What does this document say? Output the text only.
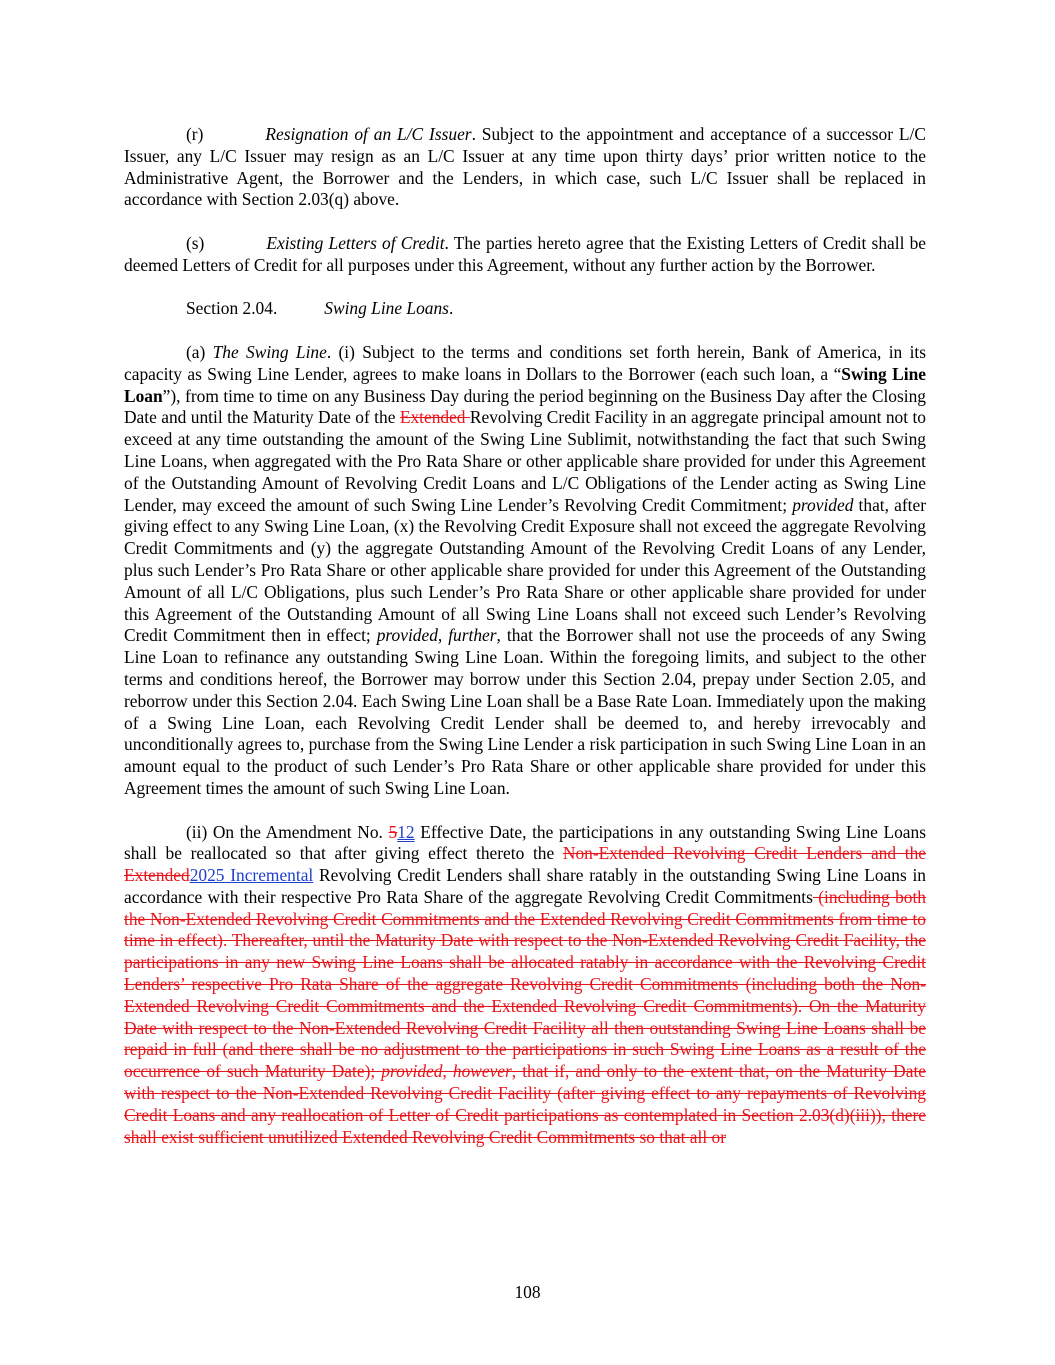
(r)	Resignation of an L/C Issuer. Subject to the appointment and acceptance of a successor L/C Issuer, any L/C Issuer may resign as an L/C Issuer at any time upon thirty days’ prior written notice to the Administrative Agent, the Borrower and the Lenders, in which case, such L/C Issuer shall be replaced in accordance with Section 2.03(q) above.

(s)	Existing Letters of Credit. The parties hereto agree that the Existing Letters of Credit shall be deemed Letters of Credit for all purposes under this Agreement, without any further action by the Borrower.

Section 2.04.	Swing Line Loans.

(a) The Swing Line. (i) Subject to the terms and conditions set forth herein, Bank of America, in its capacity as Swing Line Lender, agrees to make loans in Dollars to the Borrower (each such loan, a “Swing Line Loan”), from time to time on any Business Day during the period beginning on the Business Day after the Closing Date and until the Maturity Date of the Extended Revolving Credit Facility in an aggregate principal amount not to exceed at any time outstanding the amount of the Swing Line Sublimit, notwithstanding the fact that such Swing Line Loans, when aggregated with the Pro Rata Share or other applicable share provided for under this Agreement of the Outstanding Amount of Revolving Credit Loans and L/C Obligations of the Lender acting as Swing Line Lender, may exceed the amount of such Swing Line Lender’s Revolving Credit Commitment; provided that, after giving effect to any Swing Line Loan, (x) the Revolving Credit Exposure shall not exceed the aggregate Revolving Credit Commitments and (y) the aggregate Outstanding Amount of the Revolving Credit Loans of any Lender, plus such Lender’s Pro Rata Share or other applicable share provided for under this Agreement of the Outstanding Amount of all L/C Obligations, plus such Lender’s Pro Rata Share or other applicable share provided for under this Agreement of the Outstanding Amount of all Swing Line Loans shall not exceed such Lender’s Revolving Credit Commitment then in effect; provided, further, that the Borrower shall not use the proceeds of any Swing Line Loan to refinance any outstanding Swing Line Loan. Within the foregoing limits, and subject to the other terms and conditions hereof, the Borrower may borrow under this Section 2.04, prepay under Section 2.05, and reborrow under this Section 2.04. Each Swing Line Loan shall be a Base Rate Loan. Immediately upon the making of a Swing Line Loan, each Revolving Credit Lender shall be deemed to, and hereby irrevocably and unconditionally agrees to, purchase from the Swing Line Lender a risk participation in such Swing Line Loan in an amount equal to the product of such Lender’s Pro Rata Share or other applicable share provided for under this Agreement times the amount of such Swing Line Loan.

(ii) On the Amendment No. 512 Effective Date, the participations in any outstanding Swing Line Loans shall be reallocated so that after giving effect thereto the Non-Extended Revolving Credit Lenders and the Extended2025 Incremental Revolving Credit Lenders shall share ratably in the outstanding Swing Line Loans in accordance with their respective Pro Rata Share of the aggregate Revolving Credit Commitments (including both the Non-Extended Revolving Credit Commitments and the Extended Revolving Credit Commitments from time to time in effect). Thereafter, until the Maturity Date with respect to the Non-Extended Revolving Credit Facility, the participations in any new Swing Line Loans shall be allocated ratably in accordance with the Revolving Credit Lenders’ respective Pro Rata Share of the aggregate Revolving Credit Commitments (including both the Non-Extended Revolving Credit Commitments and the Extended Revolving Credit Commitments). On the Maturity Date with respect to the Non-Extended Revolving Credit Facility all then outstanding Swing Line Loans shall be repaid in full (and there shall be no adjustment to the participations in such Swing Line Loans as a result of the occurrence of such Maturity Date); provided, however, that if, and only to the extent that, on the Maturity Date with respect to the Non-Extended Revolving Credit Facility (after giving effect to any repayments of Revolving Credit Loans and any reallocation of Letter of Credit participations as contemplated in Section 2.03(d)(iii)), there shall exist sufficient unutilized Extended Revolving Credit Commitments so that all or

108
